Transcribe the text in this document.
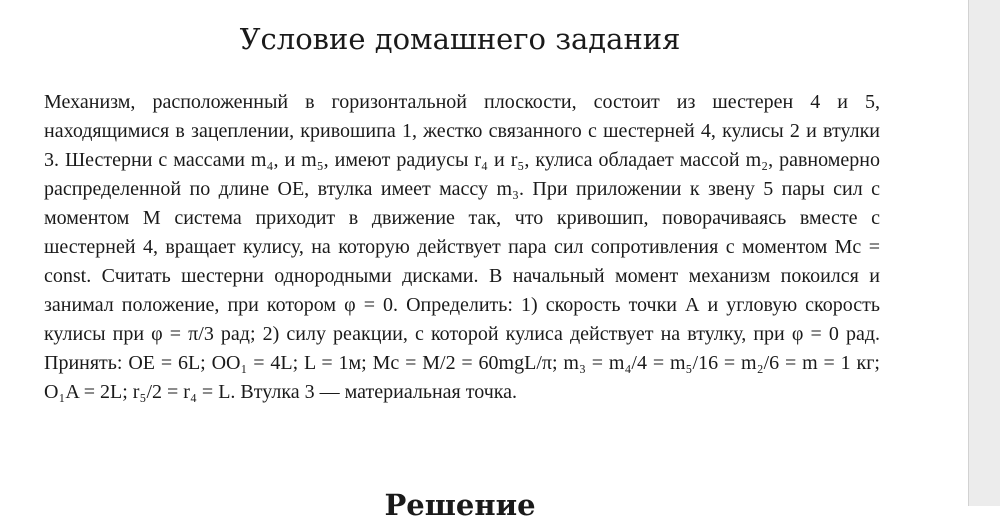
Условие домашнего задания

Механизм, расположенный в горизонтальной плоскости, состоит из шестерен 4 и 5, находящимися в зацеплении, кривошипа 1, жестко связанного с шестерней 4, кулисы 2 и втулки 3. Шестерни с массами m₄, и m₅, имеют радиусы r₄ и r₅, кулиса обладает массой m₂, равномерно распределенной по длине OE, втулка имеет массу m₃. При приложении к звену 5 пары сил с моментом M система приходит в движение так, что кривошип, поворачиваясь вместе с шестерней 4, вращает кулису, на которую действует пара сил сопротивления с моментом Mc = const. Считать шестерни однородными дисками. В начальный момент механизм покоился и занимал положение, при котором φ = 0. Определить: 1) скорость точки А и угловую скорость кулисы при φ = π/3 рад; 2) силу реакции, с которой кулиса действует на втулку, при φ = 0 рад. Принять: OE = 6L; OO₁ = 4L; L = 1м; Mc = M/2 = 60mgL/π; m₃ = m₄/4 = m₅/16 = m₂/6 = m = 1 кг; O₁A = 2L; r₅/2 = r₄ = L. Втулка 3 — материальная точка.

Решение
